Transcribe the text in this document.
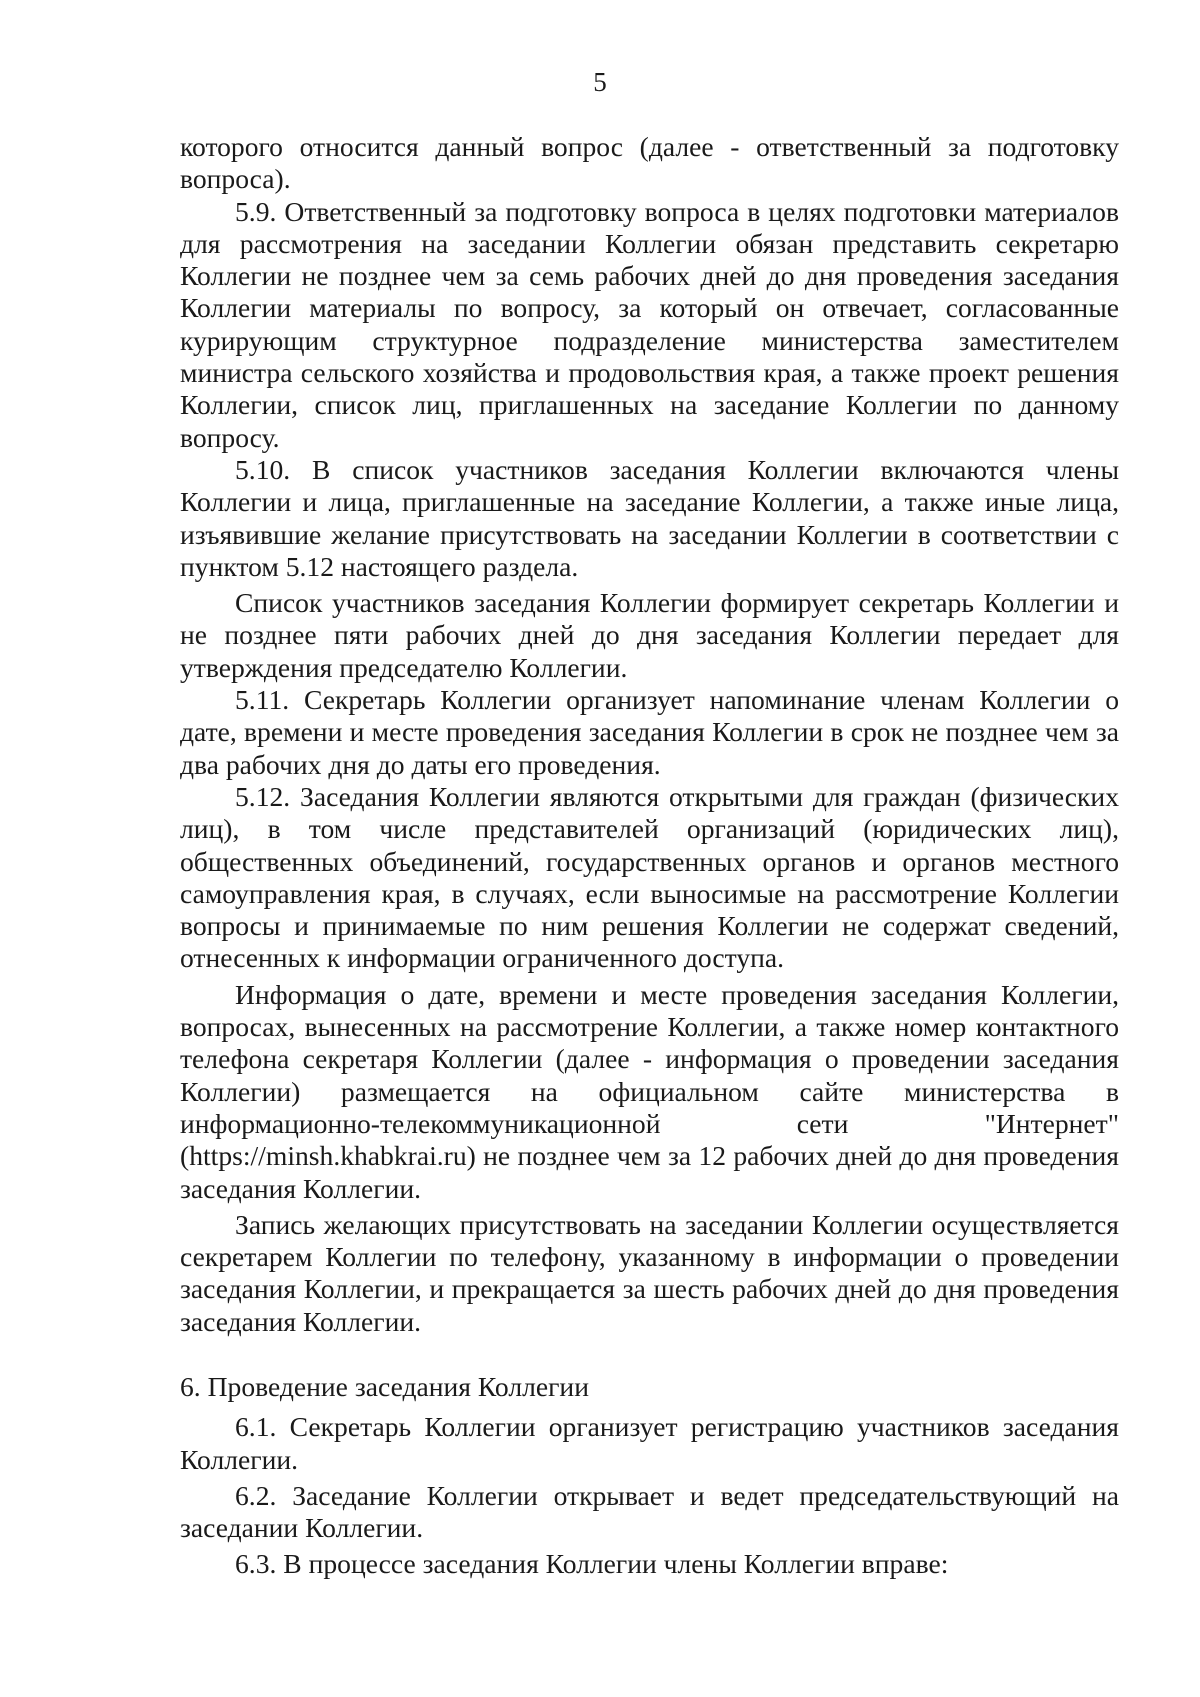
5

которого относится данный вопрос (далее - ответственный за подготовку вопроса).

5.9. Ответственный за подготовку вопроса в целях подготовки материалов для рассмотрения на заседании Коллегии обязан представить секретарю Коллегии не позднее чем за семь рабочих дней до дня проведения заседания Коллегии материалы по вопросу, за который он отвечает, согласованные курирующим структурное подразделение министерства заместителем министра сельского хозяйства и продовольствия края, а также проект решения Коллегии, список лиц, приглашенных на заседание Коллегии по данному вопросу.

5.10. В список участников заседания Коллегии включаются члены Коллегии и лица, приглашенные на заседание Коллегии, а также иные лица, изъявившие желание присутствовать на заседании Коллегии в соответствии с пунктом 5.12 настоящего раздела.

Список участников заседания Коллегии формирует секретарь Коллегии и не позднее пяти рабочих дней до дня заседания Коллегии передает для утверждения председателю Коллегии.

5.11. Секретарь Коллегии организует напоминание членам Коллегии о дате, времени и месте проведения заседания Коллегии в срок не позднее чем за два рабочих дня до даты его проведения.

5.12. Заседания Коллегии являются открытыми для граждан (физических лиц), в том числе представителей организаций (юридических лиц), общественных объединений, государственных органов и органов местного самоуправления края, в случаях, если выносимые на рассмотрение Коллегии вопросы и принимаемые по ним решения Коллегии не содержат сведений, отнесенных к информации ограниченного доступа.

Информация о дате, времени и месте проведения заседания Коллегии, вопросах, вынесенных на рассмотрение Коллегии, а также номер контактного телефона секретаря Коллегии (далее - информация о проведении заседания Коллегии) размещается на официальном сайте министерства в информационно-телекоммуникационной сети "Интернет" (https://minsh.khabkrai.ru) не позднее чем за 12 рабочих дней до дня проведения заседания Коллегии.

Запись желающих присутствовать на заседании Коллегии осуществляется секретарем Коллегии по телефону, указанному в информации о проведении заседания Коллегии, и прекращается за шесть рабочих дней до дня проведения заседания Коллегии.

6. Проведение заседания Коллегии

6.1. Секретарь Коллегии организует регистрацию участников заседания Коллегии.

6.2. Заседание Коллегии открывает и ведет председательствующий на заседании Коллегии.

6.3. В процессе заседания Коллегии члены Коллегии вправе:
